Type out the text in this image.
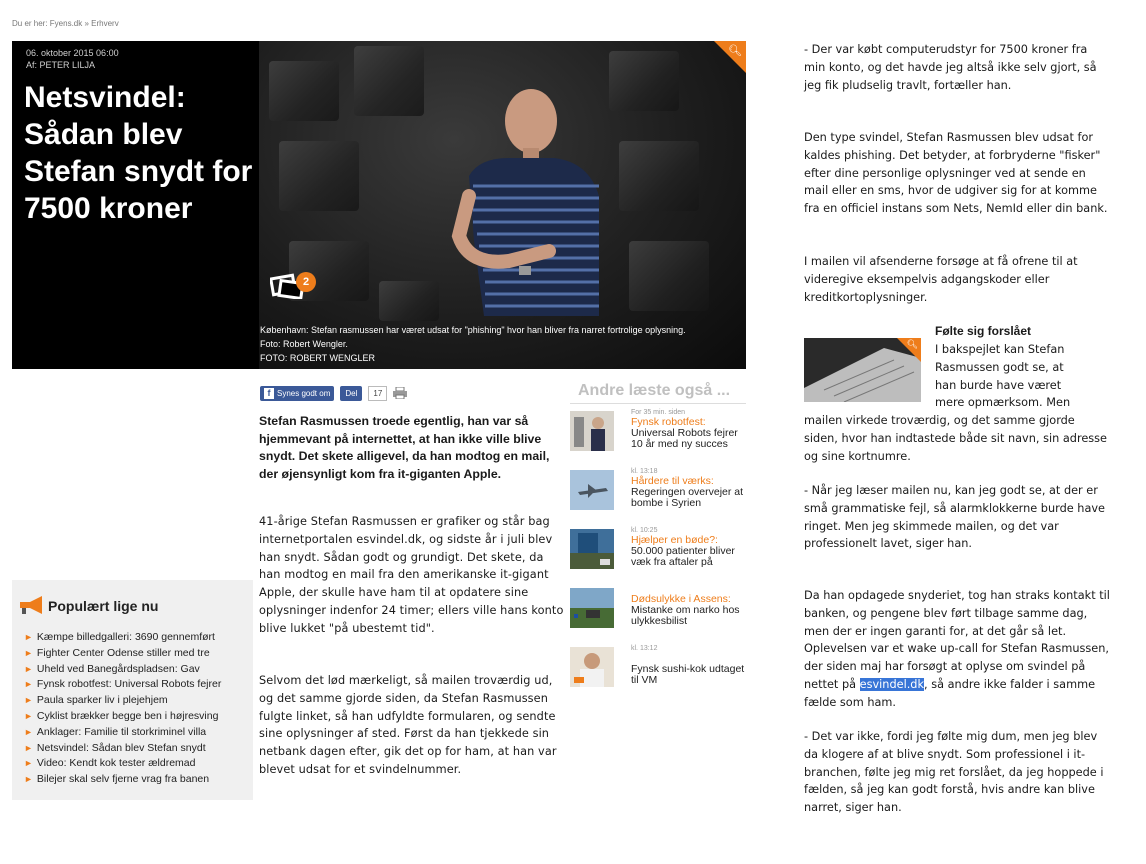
Du er her: Fyens.dk » Erhverv
06. oktober 2015 06:00
Af: PETER LILJA
Netsvindel: Sådan blev Stefan snydt for 7500 kroner
🔍︎
2
København: Stefan rasmussen har været udsat for "phishing" hvor han bliver fra narret fortrolige oplysning.
Foto: Robert Wengler.
FOTO: ROBERT WENGLER
f Synes godt om	Del	17
Stefan Rasmussen troede egentlig, han var så hjemmevant på internettet, at han ikke ville blive snydt. Det skete alligevel, da han modtog en mail, der øjensynligt kom fra it-giganten Apple.
41-årige Stefan Rasmussen er grafiker og står bag internetportalen esvindel.dk, og sidste år i juli blev han snydt. Sådan godt og grundigt. Det skete, da han modtog en mail fra den amerikanske it-gigant Apple, der skulle have ham til at opdatere sine oplysninger indenfor 24 timer; ellers ville hans konto blive lukket "på ubestemt tid".
Selvom det lød mærkeligt, så mailen troværdig ud, og det samme gjorde siden, da Stefan Rasmussen fulgte linket, så han udfyldte formularen, og sendte sine oplysninger af sted. Først da han tjekkede sin netbank dagen efter, gik det op for ham, at han var blevet udsat for et svindelnummer.
Andre læste også ...
For 35 min. siden
Fynsk robotfest:
Universal Robots fejrer 10 år med ny succes
kl. 13:18
Hårdere til værks:
Regeringen overvejer at bombe i Syrien
kl. 10:25
Hjælper en bøde?:
50.000 patienter bliver væk fra aftaler på
Dødsulykke i Assens:
Mistanke om narko hos ulykkesbilist
kl. 13:12
Fynsk sushi-kok udtaget til VM
Populært lige nu
► Kæmpe billedgalleri: 3690 gennemført
► Fighter Center Odense stiller med tre
► Uheld ved Banegårdspladsen: Gav
► Fynsk robotfest: Universal Robots fejrer
► Paula sparker liv i plejehjem
► Cyklist brækker begge ben i højresving
► Anklager: Familie til storkriminel villa
► Netsvindel: Sådan blev Stefan snydt
► Video: Kendt kok tester ældremad
► Bilejer skal selv fjerne vrag fra banen
- Der var købt computerudstyr for 7500 kroner fra min konto, og det havde jeg altså ikke selv gjort, så jeg fik pludselig travlt, fortæller han.
Den type svindel, Stefan Rasmussen blev udsat for kaldes phishing. Det betyder, at forbryderne "fisker" efter dine personlige oplysninger ved at sende en mail eller en sms, hvor de udgiver sig for at komme fra en officiel instans som Nets, NemId eller din bank.
I mailen vil afsenderne forsøge at få ofrene til at videregive eksempelvis adgangskoder eller kreditkortoplysninger.
🔍︎
Følte sig forslået
I bakspejlet kan Stefan
Rasmussen godt se, at
han burde have været
mere opmærksom. Men
mailen virkede troværdig, og det samme gjorde siden, hvor han indtastede både sit navn, sin adresse og sine kortnumre.
- Når jeg læser mailen nu, kan jeg godt se, at der er små grammatiske fejl, så alarmklokkerne burde have ringet. Men jeg skimmede mailen, og det var professionelt lavet, siger han.
Da han opdagede snyderiet, tog han straks kontakt til banken, og pengene blev ført tilbage samme dag, men der er ingen garanti for, at det går så let. Oplevelsen var et wake up-call for Stefan Rasmussen, der siden maj har forsøgt at oplyse om svindel på nettet på esvindel.dk, så andre ikke falder i samme fælde som ham.
- Det var ikke, fordi jeg følte mig dum, men jeg blev da klogere af at blive snydt. Som professionel i it-branchen, følte jeg mig ret forslået, da jeg hoppede i fælden, så jeg kan godt forstå, hvis andre kan blive narret, siger han.
